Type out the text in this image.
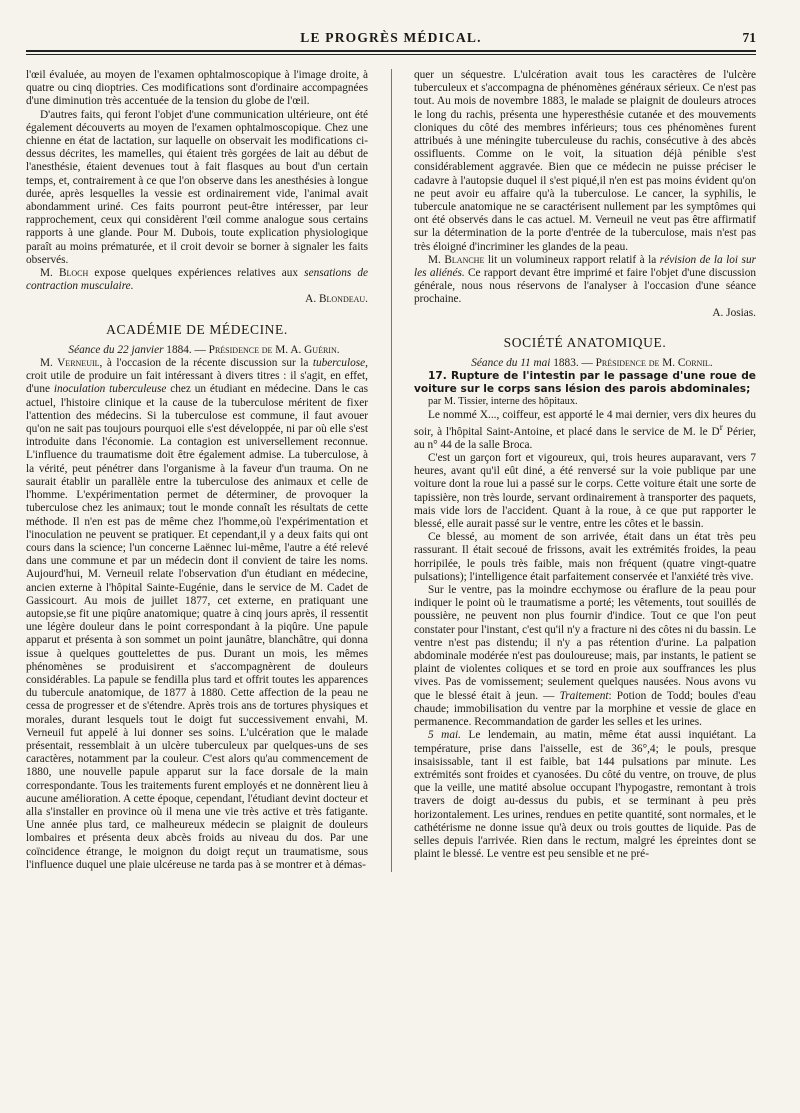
LE PROGRÈS MÉDICAL.	71

l'œil évaluée, au moyen de l'examen ophtalmoscopique à l'image droite, à quatre ou cinq dioptries. Ces modifications sont d'ordinaire accompagnées d'une diminution très accentuée de la tension du globe de l'œil.

D'autres faits, qui feront l'objet d'une communication ultérieure, ont été également découverts au moyen de l'examen ophtalmoscopique. Chez une chienne en état de lactation, sur laquelle on observait les modifications ci-dessus décrites, les mamelles, qui étaient très gorgées de lait au début de l'anesthésie, étaient devenues tout à fait flasques au bout d'un certain temps, et, contrairement à ce que l'on observe dans les anesthésies à longue durée, après lesquelles la vessie est ordinairement vide, l'animal avait abondamment uriné. Ces faits pourront peut-être intéresser, par leur rapprochement, ceux qui considèrent l'œil comme analogue sous certains rapports à une glande. Pour M. Dubois, toute explication physiologique paraît au moins prématurée, et il croit devoir se borner à signaler les faits observés.

M. Bloch expose quelques expériences relatives aux sensations de contraction musculaire.

A. Blondeau.

ACADÉMIE DE MÉDECINE.

Séance du 22 janvier 1884. — Présidence de M. A. Guérin.

M. Verneuil, à l'occasion de la récente discussion sur la tuberculose, croit utile de produire un fait intéressant à divers titres : il s'agit, en effet, d'une inoculation tuberculeuse chez un étudiant en médecine. Dans le cas actuel, l'histoire clinique et la cause de la tuberculose méritent de fixer l'attention des médecins. Si la tuberculose est commune, il faut avouer qu'on ne sait pas toujours pourquoi elle s'est développée, ni par où elle s'est introduite dans l'économie. La contagion est universellement reconnue. L'influence du traumatisme doit être également admise. La tuberculose, à la vérité, peut pénétrer dans l'organisme à la faveur d'un trauma. On ne saurait établir un parallèle entre la tuberculose des animaux et celle de l'homme. L'expérimentation permet de déterminer, de provoquer la tuberculose chez les animaux; tout le monde connaît les résultats de cette méthode. Il n'en est pas de même chez l'homme,où l'expérimentation et l'inoculation ne peuvent se pratiquer. Et cependant,il y a deux faits qui ont cours dans la science; l'un concerne Laënnec lui-même, l'autre a été relevé dans une commune et par un médecin dont il convient de taire les noms. Aujourd'hui, M. Verneuil relate l'observation d'un étudiant en médecine, ancien externe à l'hôpital Sainte-Eugénie, dans le service de M. Cadet de Gassicourt. Au mois de juillet 1877, cet externe, en pratiquant une autopsie,se fit une piqûre anatomique; quatre à cinq jours après, il ressentit une légère douleur dans le point correspondant à la piqûre. Une papule apparut et présenta à son sommet un point jaunâtre, blanchâtre, qui donna issue à quelques gouttelettes de pus. Durant un mois, les mêmes phénomènes se produisirent et s'accompagnèrent de douleurs considérables. La papule se fendilla plus tard et offrit toutes les apparences du tubercule anatomique, de 1877 à 1880. Cette affection de la peau ne cessa de progresser et de s'étendre. Après trois ans de tortures physiques et morales, durant lesquels tout le doigt fut successivement envahi, M. Verneuil fut appelé à lui donner ses soins. L'ulcération que le malade présentait, ressemblait à un ulcère tuberculeux par quelques-uns de ses caractères, notamment par la couleur. C'est alors qu'au commencement de 1880, une nouvelle papule apparut sur la face dorsale de la main correspondante. Tous les traitements furent employés et ne donnèrent lieu à aucune amélioration. A cette époque, cependant, l'étudiant devint docteur et alla s'installer en province où il mena une vie très active et très fatigante. Une année plus tard, ce malheureux médecin se plaignit de douleurs lombaires et présenta deux abcès froids au niveau du dos. Par une coïncidence étrange, le moignon du doigt reçut un traumatisme, sous l'influence duquel une plaie ulcéreuse ne tarda pas à se montrer et à démas-

quer un séquestre. L'ulcération avait tous les caractères de l'ulcère tuberculeux et s'accompagna de phénomènes généraux sérieux. Ce n'est pas tout. Au mois de novembre 1883, le malade se plaignit de douleurs atroces le long du rachis, présenta une hyperesthésie cutanée et des mouvements cloniques du côté des membres inférieurs; tous ces phénomènes furent attribués à une méningite tuberculeuse du rachis, consécutive à des abcès ossifluents. Comme on le voit, la situation déjà pénible s'est considérablement aggravée. Bien que ce médecin ne puisse préciser le cadavre à l'autopsie duquel il s'est piqué,il n'en est pas moins évident qu'on ne peut avoir eu affaire qu'à la tuberculose. Le cancer, la syphilis, le tubercule anatomique ne se caractérisent nullement par les symptômes qui ont été observés dans le cas actuel. M. Verneuil ne veut pas être affirmatif sur la détermination de la porte d'entrée de la tuberculose, mais n'est pas très éloigné d'incriminer les glandes de la peau.

M. Blanche lit un volumineux rapport relatif à la révision de la loi sur les aliénés. Ce rapport devant être imprimé et faire l'objet d'une discussion générale, nous nous réservons de l'analyser à l'occasion d'une séance prochaine.

A. Josias.

SOCIÉTÉ ANATOMIQUE.

Séance du 11 mai 1883. — Présidence de M. Cornil.

17. Rupture de l'intestin par le passage d'une roue de voiture sur le corps sans lésion des parois abdominales;

par M. Tissier, interne des hôpitaux.

Le nommé X..., coiffeur, est apporté le 4 mai dernier, vers dix heures du soir, à l'hôpital Saint-Antoine, et placé dans le service de M. le $D^r$ Périer, au n° 44 de la salle Broca.

C'est un garçon fort et vigoureux, qui, trois heures auparavant, vers 7 heures, avant qu'il eût diné, a été renversé sur la voie publique par une voiture dont la roue lui a passé sur le corps. Cette voiture était une sorte de tapissière, non très lourde, servant ordinairement à transporter des paquets, mais vide lors de l'accident. Quant à la roue, à ce que put rapporter le blessé, elle aurait passé sur le ventre, entre les côtes et le bassin.

Ce blessé, au moment de son arrivée, était dans un état très peu rassurant. Il était secoué de frissons, avait les extrémités froides, la peau horripilée, le pouls très faible, mais non fréquent (quatre vingt-quatre pulsations); l'intelligence était parfaitement conservée et l'anxiété très vive.

Sur le ventre, pas la moindre ecchymose ou éraflure de la peau pour indiquer le point où le traumatisme a porté; les vêtements, tout souillés de poussière, ne peuvent non plus fournir d'indice. Tout ce que l'on peut constater pour l'instant, c'est qu'il n'y a fracture ni des côtes ni du bassin. Le ventre n'est pas distendu; il n'y a pas rétention d'urine. La palpation abdominale modérée n'est pas douloureuse; mais, par instants, le patient se plaint de violentes coliques et se tord en proie aux souffrances les plus vives. Pas de vomissement; seulement quelques nausées. Nous avons vu que le blessé était à jeun. — Traitement: Potion de Todd; boules d'eau chaude; immobilisation du ventre par la morphine et vessie de glace en permanence. Recommandation de garder les selles et les urines.

5 mai. Le lendemain, au matin, même état aussi inquiétant. La température, prise dans l'aisselle, est de 36°,4; le pouls, presque insaisissable, tant il est faible, bat 144 pulsations par minute. Les extrémités sont froides et cyanosées. Du côté du ventre, on trouve, de plus que la veille, une matité absolue occupant l'hypogastre, remontant à trois travers de doigt au-dessus du pubis, et se terminant à peu près horizontalement. Les urines, rendues en petite quantité, sont normales, et le cathétérisme ne donne issue qu'à deux ou trois gouttes de liquide. Pas de selles depuis l'arrivée. Rien dans le rectum, malgré les épreintes dont se plaint le blessé. Le ventre est peu sensible et ne pré-
